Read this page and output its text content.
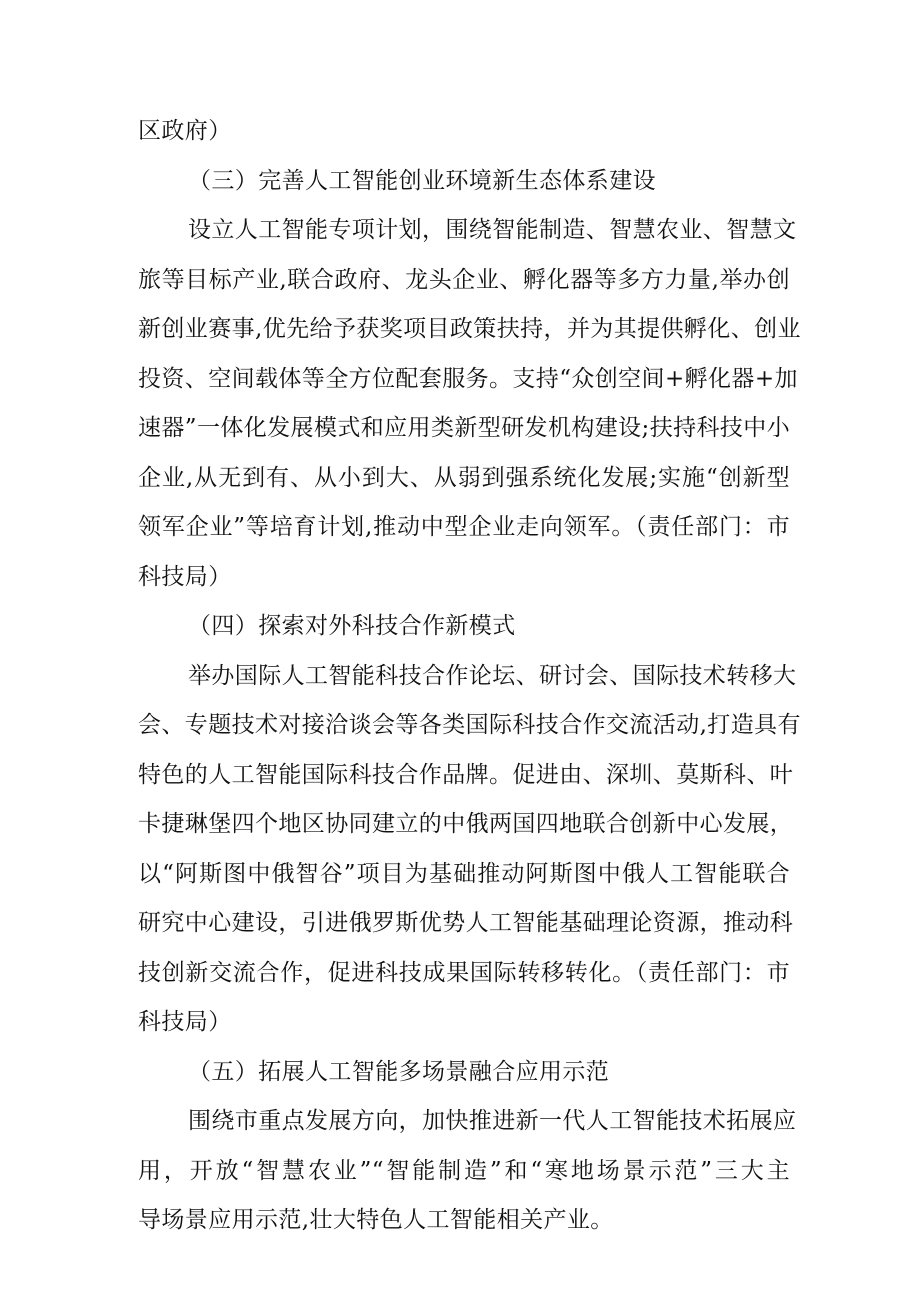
区政府）
（三）完善人工智能创业环境新生态体系建设
设立人工智能专项计划，围绕智能制造、智慧农业、智慧文
旅等目标产业,联合政府、龙头企业、孵化器等多方力量,举办创
新创业赛事,优先给予获奖项目政策扶持，并为其提供孵化、创业
投资、空间载体等全方位配套服务。支持“众创空间+孵化器+加
速器”一体化发展模式和应用类新型研发机构建设;扶持科技中小
企业,从无到有、从小到大、从弱到强系统化发展;实施“创新型
领军企业”等培育计划,推动中型企业走向领军。（责任部门：市
科技局）
（四）探索对外科技合作新模式
举办国际人工智能科技合作论坛、研讨会、国际技术转移大
会、专题技术对接洽谈会等各类国际科技合作交流活动,打造具有
特色的人工智能国际科技合作品牌。促进由、深圳、莫斯科、叶
卡捷琳堡四个地区协同建立的中俄两国四地联合创新中心发展，
以“阿斯图中俄智谷”项目为基础推动阿斯图中俄人工智能联合
研究中心建设，引进俄罗斯优势人工智能基础理论资源，推动科
技创新交流合作，促进科技成果国际转移转化。（责任部门：市
科技局）
（五）拓展人工智能多场景融合应用示范
围绕市重点发展方向，加快推进新一代人工智能技术拓展应
用，开放“智慧农业”“智能制造”和“寒地场景示范”三大主
导场景应用示范,壮大特色人工智能相关产业。
